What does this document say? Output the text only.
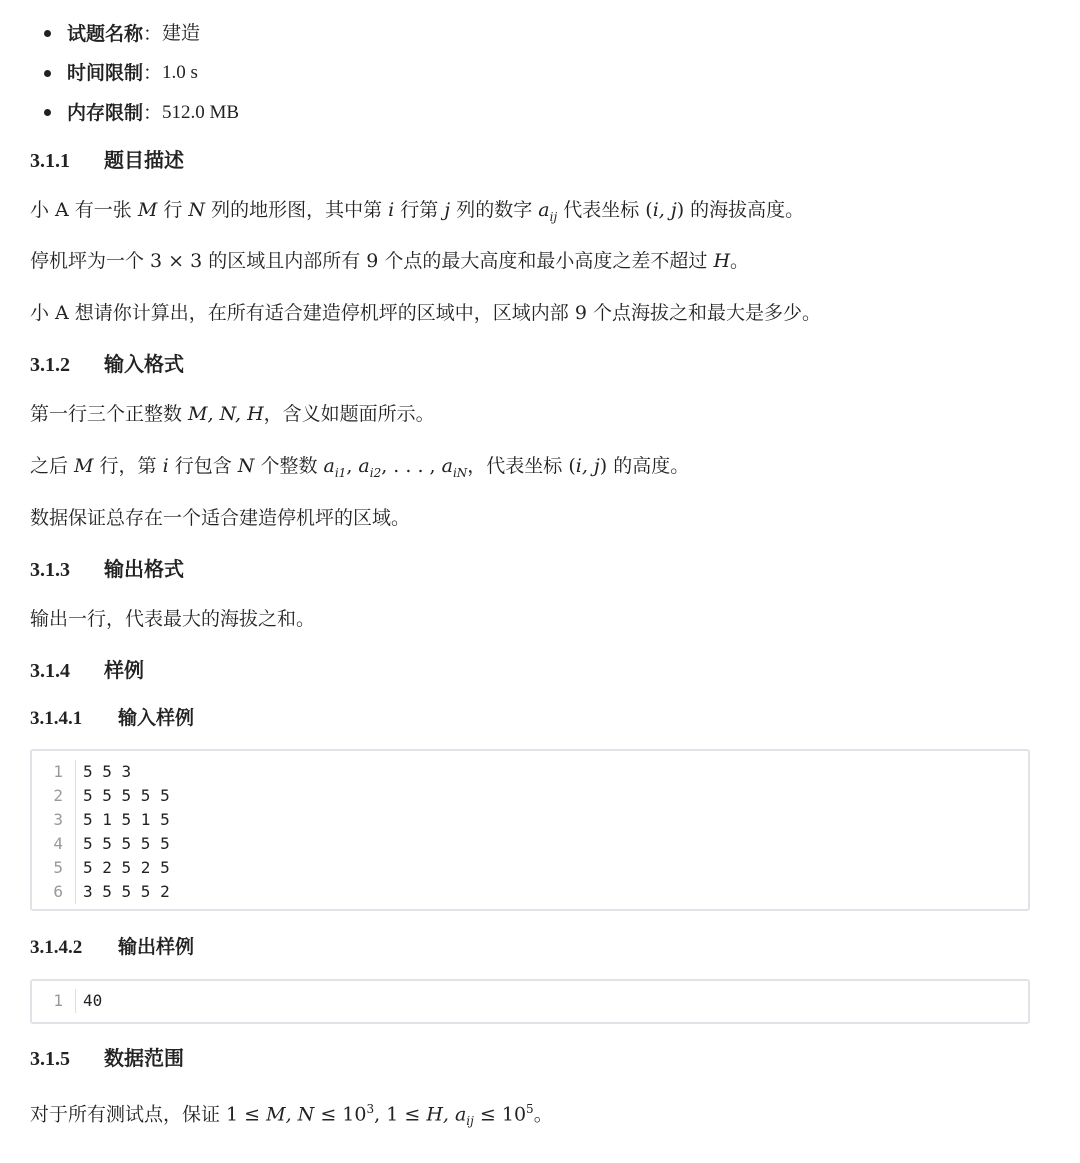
试题名称 ： 建造
时间限制 ： 1.0 s
内存限制 ： 512.0 MB
3.1.1 题目描述

小 A 有一张 M 行 N 列的地形图，其中第 i 行第 j 列的数字 $a_{ij}$ 代表坐标 (i, j) 的海拔高度。

停机坪为一个 3 × 3 的区域且内部所有 9 个点的最大高度和最小高度之差不超过 H。

小 A 想请你计算出，在所有适合建造停机坪的区域中，区域内部 9 个点海拔之和最大是多少。

3.1.2 输入格式

第一行三个正整数 M, N, H，含义如题面所示。

之后 M 行，第 i 行包含 N 个整数 $a_{i1}$, $a_{i2}$, . . . , $a_{iN}$，代表坐标 (i, j) 的高度。

数据保证总存在一个适合建造停机坪的区域。

3.1.3 输出格式

输出一行，代表最大的海拔之和。

3.1.4 样例
3.1.4.1 输入样例
1	5 5 3
2	5 5 5 5 5
3	5 1 5 1 5
4	5 5 5 5 5
5	5 2 5 2 5
6	3 5 5 5 2
3.1.4.2 输出样例
1	40
3.1.5 数据范围

对于所有测试点，保证 1 ≤ M, $N \le 10^3$, 1 ≤ H, $a_{ij} \le 10^5$。
